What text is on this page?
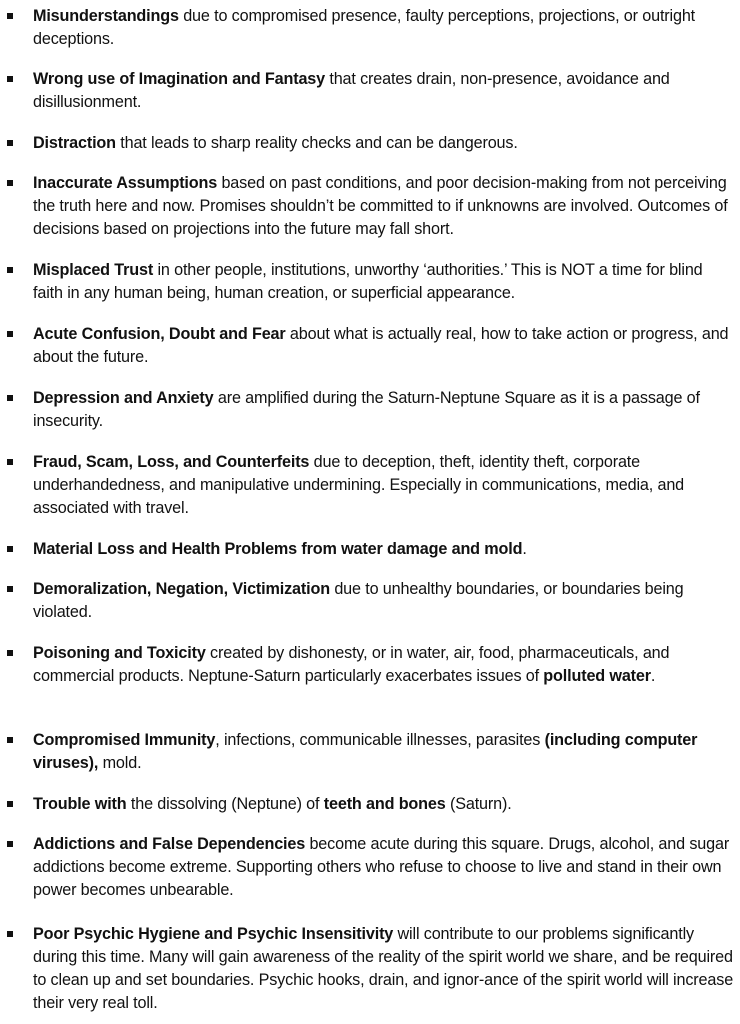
Misunderstandings due to compromised presence, faulty perceptions, projections, or outright deceptions.

Wrong use of Imagination and Fantasy that creates drain, non-presence, avoidance and disillusionment.

Distraction that leads to sharp reality checks and can be dangerous.

Inaccurate Assumptions based on past conditions, and poor decision-making from not perceiving the truth here and now. Promises shouldn’t be committed to if unknowns are involved. Outcomes of decisions based on projections into the future may fall short.

Misplaced Trust in other people, institutions, unworthy ‘authorities.’ This is NOT a time for blind faith in any human being, human creation, or superficial appearance.

Acute Confusion, Doubt and Fear about what is actually real, how to take action or progress, and about the future.

Depression and Anxiety are amplified during the Saturn-Neptune Square as it is a passage of insecurity.

Fraud, Scam, Loss, and Counterfeits due to deception, theft, identity theft, corporate underhandedness, and manipulative undermining. Especially in communications, media, and associated with travel.

Material Loss and Health Problems from water damage and mold.

Demoralization, Negation, Victimization due to unhealthy boundaries, or boundaries being violated.

Poisoning and Toxicity created by dishonesty, or in water, air, food, pharmaceuticals, and commercial products. Neptune-Saturn particularly exacerbates issues of polluted water.

Compromised Immunity, infections, communicable illnesses, parasites (including computer viruses), mold.

Trouble with the dissolving (Neptune) of teeth and bones (Saturn).

Addictions and False Dependencies become acute during this square. Drugs, alcohol, and sugar addictions become extreme. Supporting others who refuse to choose to live and stand in their own power becomes unbearable.

Poor Psychic Hygiene and Psychic Insensitivity will contribute to our problems significantly during this time. Many will gain awareness of the reality of the spirit world we share, and be required to clean up and set boundaries. Psychic hooks, drain, and ignor-ance of the spirit world will increase their very real toll.
